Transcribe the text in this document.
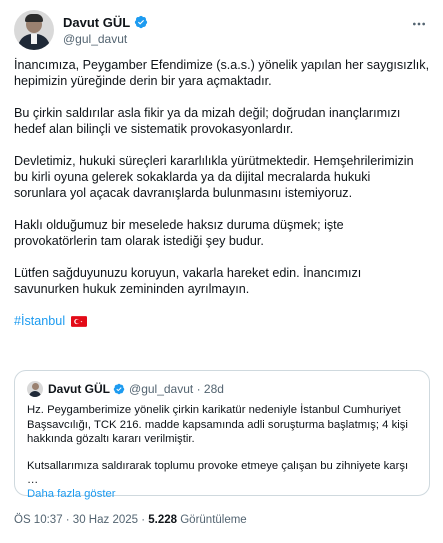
Davut GÜL
@gul_davut
İnancımıza, Peygamber Efendimize (s.a.s.) yönelik yapılan her saygısızlık,
hepimizin yüreğinde derin bir yara açmaktadır.
Bu çirkin saldırılar asla fikir ya da mizah değil; doğrudan inançlarımızı
hedef alan bilinçli ve sistematik provokasyonlardır.
Devletimiz, hukuki süreçleri kararlılıkla yürütmektedir. Hemşehrilerimizin
bu kirli oyuna gelerek sokaklarda ya da dijital mecralarda hukuki
sorunlara yol açacak davranışlarda bulunmasını istemiyoruz.
Haklı olduğumuz bir meselede haksız duruma düşmek; işte
provokatörlerin tam olarak istediği şey budur.
Lütfen sağduyunuzu koruyun, vakarla hareket edin. İnancımızı
savunurken hukuk zemininden ayrılmayın.
#İstanbul
Davut GÜL @gul_davut · 28d
Hz. Peygamberimize yönelik çirkin karikatür nedeniyle İstanbul Cumhuriyet
Başsavcılığı, TCK 216. madde kapsamında adli soruşturma başlatmış; 4 kişi
hakkında gözaltı kararı verilmiştir.
Kutsallarımıza saldırarak toplumu provoke etmeye çalışan bu zihniyete karşı …
Daha fazla göster
ÖS 10:37 · 30 Haz 2025 · 5.228 Görüntüleme
